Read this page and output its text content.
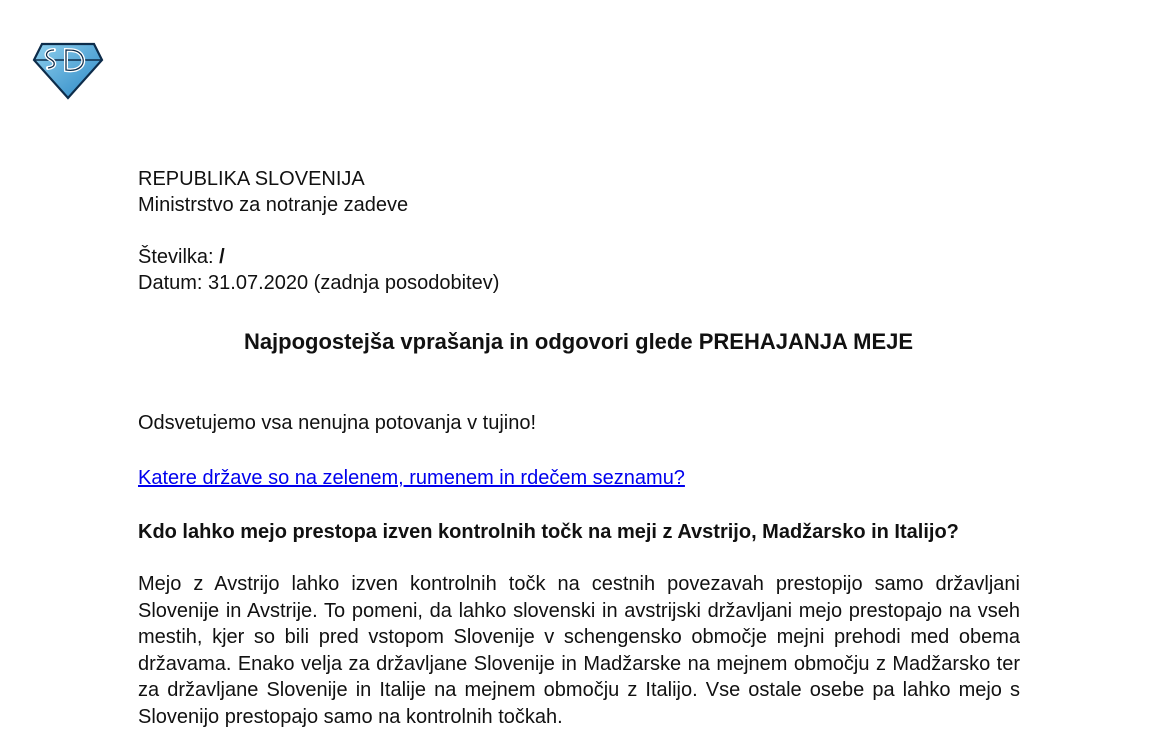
REPUBLIKA SLOVENIJA
Ministrstvo za notranje zadeve
Številka: /
Datum: 31.07.2020 (zadnja posodobitev)
Najpogostejša vprašanja in odgovori glede PREHAJANJA MEJE
Odsvetujemo vsa nenujna potovanja v tujino!
Katere države so na zelenem, rumenem in rdečem seznamu?
Kdo lahko mejo prestopa izven kontrolnih točk na meji z Avstrijo, Madžarsko in Italijo?
Mejo z Avstrijo lahko izven kontrolnih točk na cestnih povezavah prestopijo samo državljani Slovenije in Avstrije. To pomeni, da lahko slovenski in avstrijski državljani mejo prestopajo na vseh mestih, kjer so bili pred vstopom Slovenije v schengensko območje mejni prehodi med obema državama. Enako velja za državljane Slovenije in Madžarske na mejnem območju z Madžarsko ter za državljane Slovenije in Italije na mejnem območju z Italijo. Vse ostale osebe pa lahko mejo s Slovenijo prestopajo samo na kontrolnih točkah.
